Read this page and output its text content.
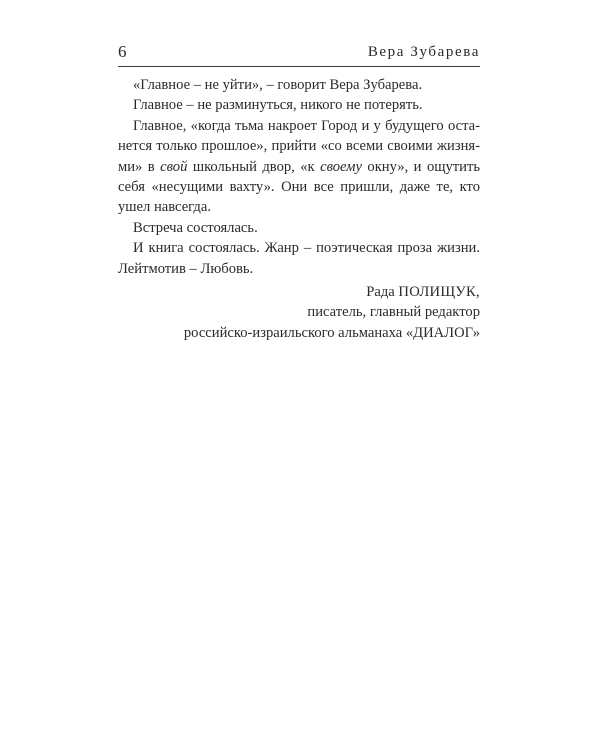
6	Вера Зубарева
«Главное – не уйти», – говорит Вера Зубарева.
Главное – не разминуться, никого не потерять.
Главное, «когда тьма накроет Город и у будущего оста-
нется только прошлое», прийти «со всеми своими жизня-
ми» в свой школьный двор, «к своему окну», и ощутить
себя «несущими вахту». Они все пришли, даже те, кто
ушел навсегда.
Встреча состоялась.
И книга состоялась. Жанр – поэтическая проза жизни.
Лейтмотив – Любовь.
Рада ПОЛИЩУК,
писатель, главный редактор
российско-израильского альманаха «ДИАЛОГ»
